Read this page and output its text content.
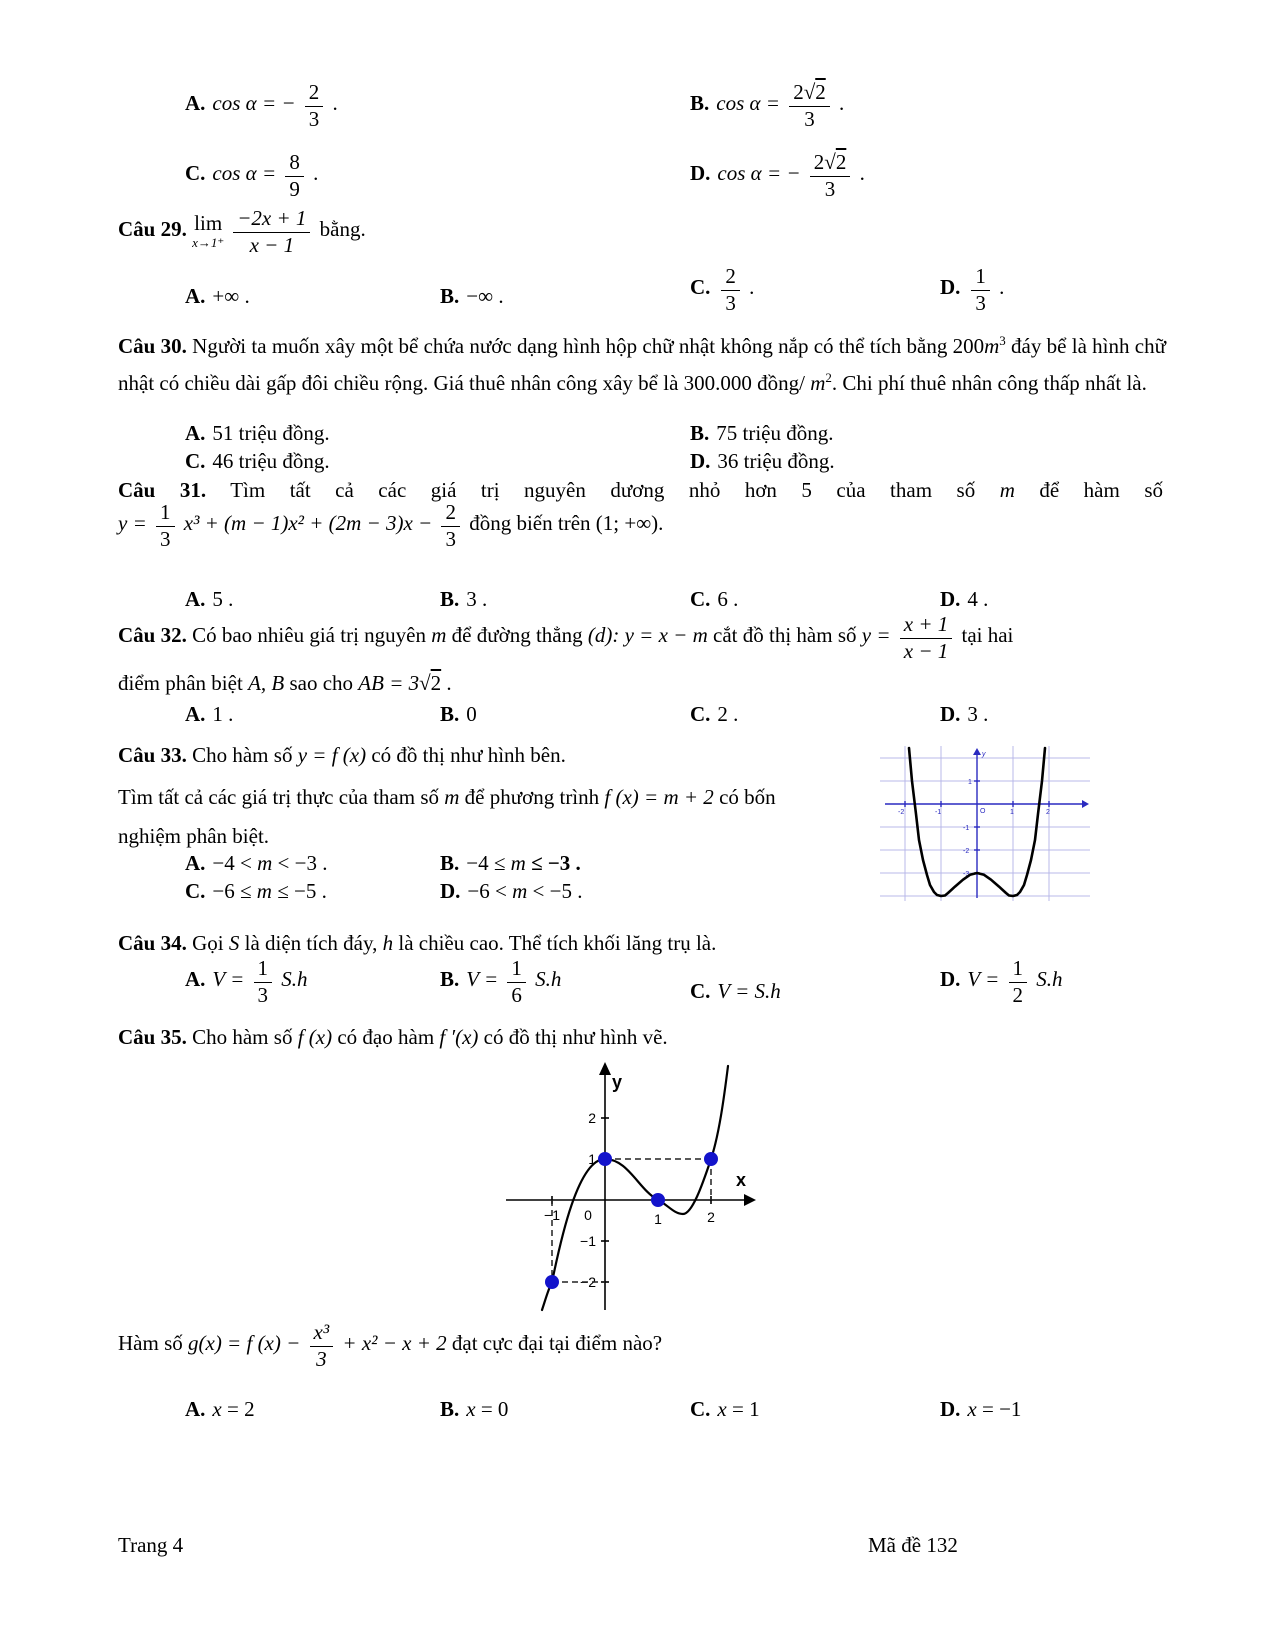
A. cos α = − $\frac{2}{3}$ .	B. $\cos \alpha = \frac{2√2}{3}$ .
C. $\cos \alpha = \frac{8}{9}$ .	D. cos α = − $\frac{2√2}{3}$ .
Câu 29. lim
$x\to 1^+ \frac{-2x + 1}{x - 1}$ bằng.
A. +∞ .	B. −∞ .	C. $\frac{2}{3}$ .	D. $\frac{1}{3}$ .
Câu 30. Người ta muốn xây một bể chứa nước dạng hình hộp chữ nhật không nắp có thể tích bằng $200m^3$ đáy bể là hình chữ nhật có chiều dài gấp đôi chiều rộng. Giá thuê nhân công xây bể là 300.000 đồng/ $m^2$. Chi phí thuê nhân công thấp nhất là.
A. 51 triệu đồng.	B. 75 triệu đồng.
C. 46 triệu đồng.	D. 36 triệu đồng.
Câu 31. Tìm tất cả các giá trị nguyên dương nhỏ hơn 5 của tham số m để hàm số
$y = \frac{1}{3} x^3 + (m - 1)x^2 + (2m - 3)x - \frac{2}{3}$ đồng biến trên (1; +∞).
A. 5 .	B. 3 .	C. 6 .	D. 4 .
Câu 32. Có bao nhiêu giá trị nguyên m để đường thẳng (d): y = x − m cắt đồ thị hàm số $y = \frac{x + 1}{x - 1}$ tại hai
điểm phân biệt A, B sao cho AB = 3√2 .
A. 1 .	B. 0	C. 2 .	D. 3 .
Câu 33. Cho hàm số y = f (x) có đồ thị như hình bên.
Tìm tất cả các giá trị thực của tham số m để phương trình f (x) = m + 2 có bốn
nghiệm phân biệt.
A. −4 < m < −3 .	B. −4 ≤ m ≤ −3 .
C. −6 ≤ m ≤ −5 .	D. −6 < m < −5 .
-2	-1	1	2
O
1
-1
-2
-3
y
Câu 34. Gọi S là diện tích đáy, h là chiều cao. Thể tích khối lăng trụ là.
A. $V = \frac{1}{3} S.h$	B. $V = \frac{1}{6} S.h$
C. V = S.h
D. $V = \frac{1}{2} S.h$
Câu 35. Cho hàm số f (x) có đạo hàm f ′(x) có đồ thị như hình vẽ.
x
y
2
1
−1
−2
−1 0	1	2
Hàm số g(x) = f $(x) - \frac{\text{x³}}{3} + x^2 - x + 2$ đạt cực đại tại điểm nào?
A. x = 2	B. x = 0	C. x = 1	D. x = −1
Trang 4	Mã đề 132
